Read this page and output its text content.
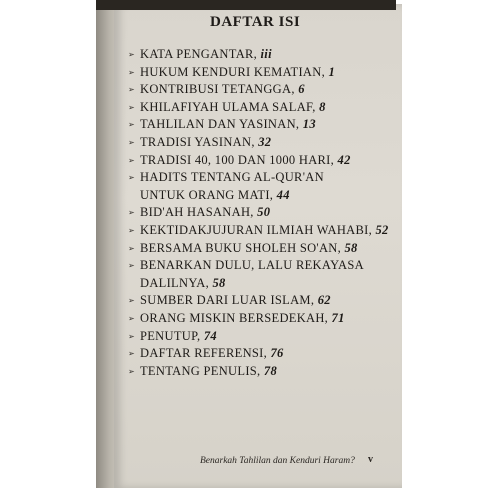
DAFTAR ISI
➢ KATA PENGANTAR, iii
➢ HUKUM KENDURI KEMATIAN, 1
➢ KONTRIBUSI TETANGGA, 6
➢ KHILAFIYAH ULAMA SALAF, 8
➢ TAHLILAN DAN YASINAN, 13
➢ TRADISI YASINAN, 32
➢ TRADISI 40, 100 DAN 1000 HARI, 42
➢ HADITS TENTANG AL-QUR'AN
UNTUK ORANG MATI, 44
➢ BID'AH HASANAH, 50
➢ KEKTIDAKJUJURAN ILMIAH WAHABI, 52
➢ BERSAMA BUKU SHOLEH SO'AN, 58
➢ BENARKAN DULU, LALU REKAYASA
DALILNYA, 58
➢ SUMBER DARI LUAR ISLAM, 62
➢ ORANG MISKIN BERSEDEKAH, 71
➢ PENUTUP, 74
➢ DAFTAR REFERENSI, 76
➢ TENTANG PENULIS, 78
Benarkah Tahlilan dan Kenduri Haram? v
